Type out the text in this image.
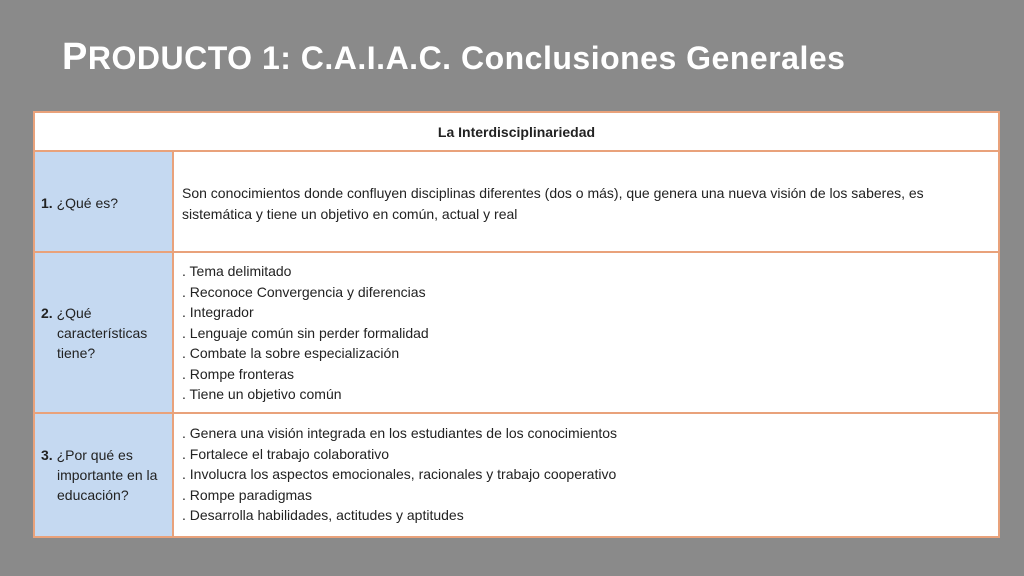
PRODUCTO 1: C.A.I.A.C. Conclusiones Generales
La Interdisciplinariedad
1. ¿Qué es?
Son conocimientos donde confluyen disciplinas diferentes (dos o más), que genera una nueva visión de los saberes, es
sistemática y tiene un objetivo en común, actual y real
2. ¿Qué
características
tiene?
. Tema delimitado
. Reconoce Convergencia y diferencias
. Integrador
. Lenguaje común sin perder formalidad
. Combate la sobre especialización
. Rompe fronteras
. Tiene un objetivo común
3. ¿Por qué es
importante en la
educación?
. Genera una visión integrada en los estudiantes de los conocimientos
. Fortalece el trabajo colaborativo
. Involucra los aspectos emocionales, racionales y trabajo cooperativo
. Rompe paradigmas
. Desarrolla habilidades, actitudes y aptitudes
